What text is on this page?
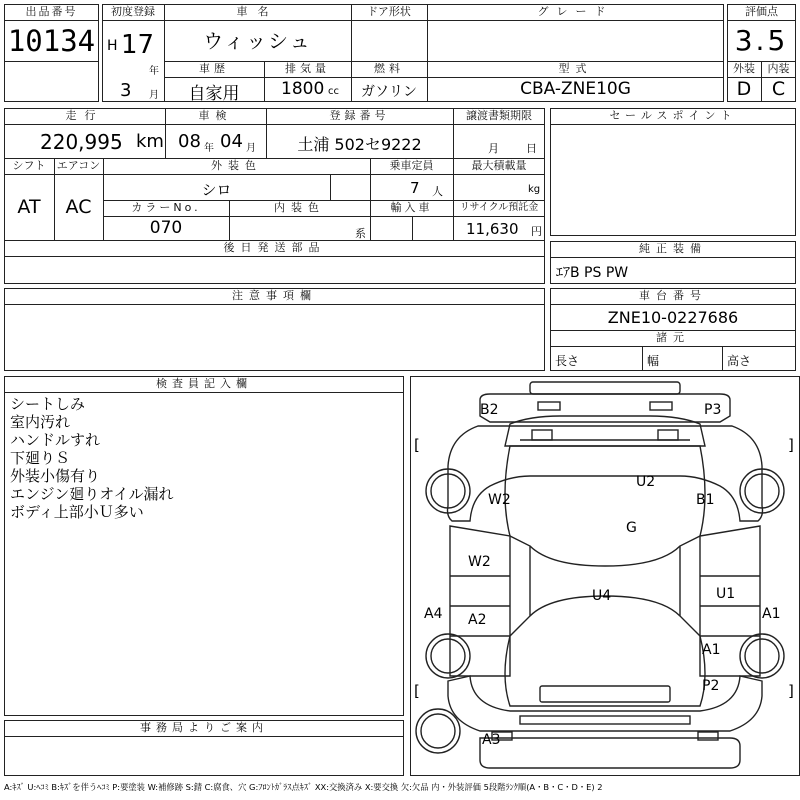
出品番号
10134
初度登録
H 17
年
3 月
車名
ウィッシュ
ドア形状	グレード
車歴
自家用
排気量
1800 cc
燃料
ガソリン
型式
CBA-ZNE10G
評価点
3.5
外装	内装
D	C
走行
220,995 km
車検
08 年 04 月
登録番号
土浦 502セ9222
譲渡書類期限
月 日
シフト
AT
エアコン
AC
外装色
シロ
乗車定員
7 人
最大積載量
kg
カラーNo.
070
内装色
系
輸入車	リサイクル預託金
11,630 円
後日発送部品
セールスポイント
純正装備
ｴｱB PS PW
注意事項欄	車台番号
ZNE10-0227686
諸元
長さ	幅	高さ
検査員記入欄
シートしみ
室内汚れ
ハンドルすれ
下廻りＳ
外装小傷有り
エンジン廻りオイル漏れ
ボディ上部小Ｕ多い
事務局よりご案内
[	]
[	]
B2	P3
U2
B1
W2
G
W2
U4	U1
A4 A2	A1
A1
P2
A3
A:ｷｽﾞ U:ﾍｺﾐ B:ｷｽﾞを伴うﾍｺﾐ P:要塗装 W:補修跡 S:錆 C:腐食、穴 G:ﾌﾛﾝﾄｶﾞﾗｽ点ｷｽﾞ XX:交換済み X:要交換 欠:欠品 内・外装評価 5段階ﾗﾝｸ順(A・B・C・D・E) 2
